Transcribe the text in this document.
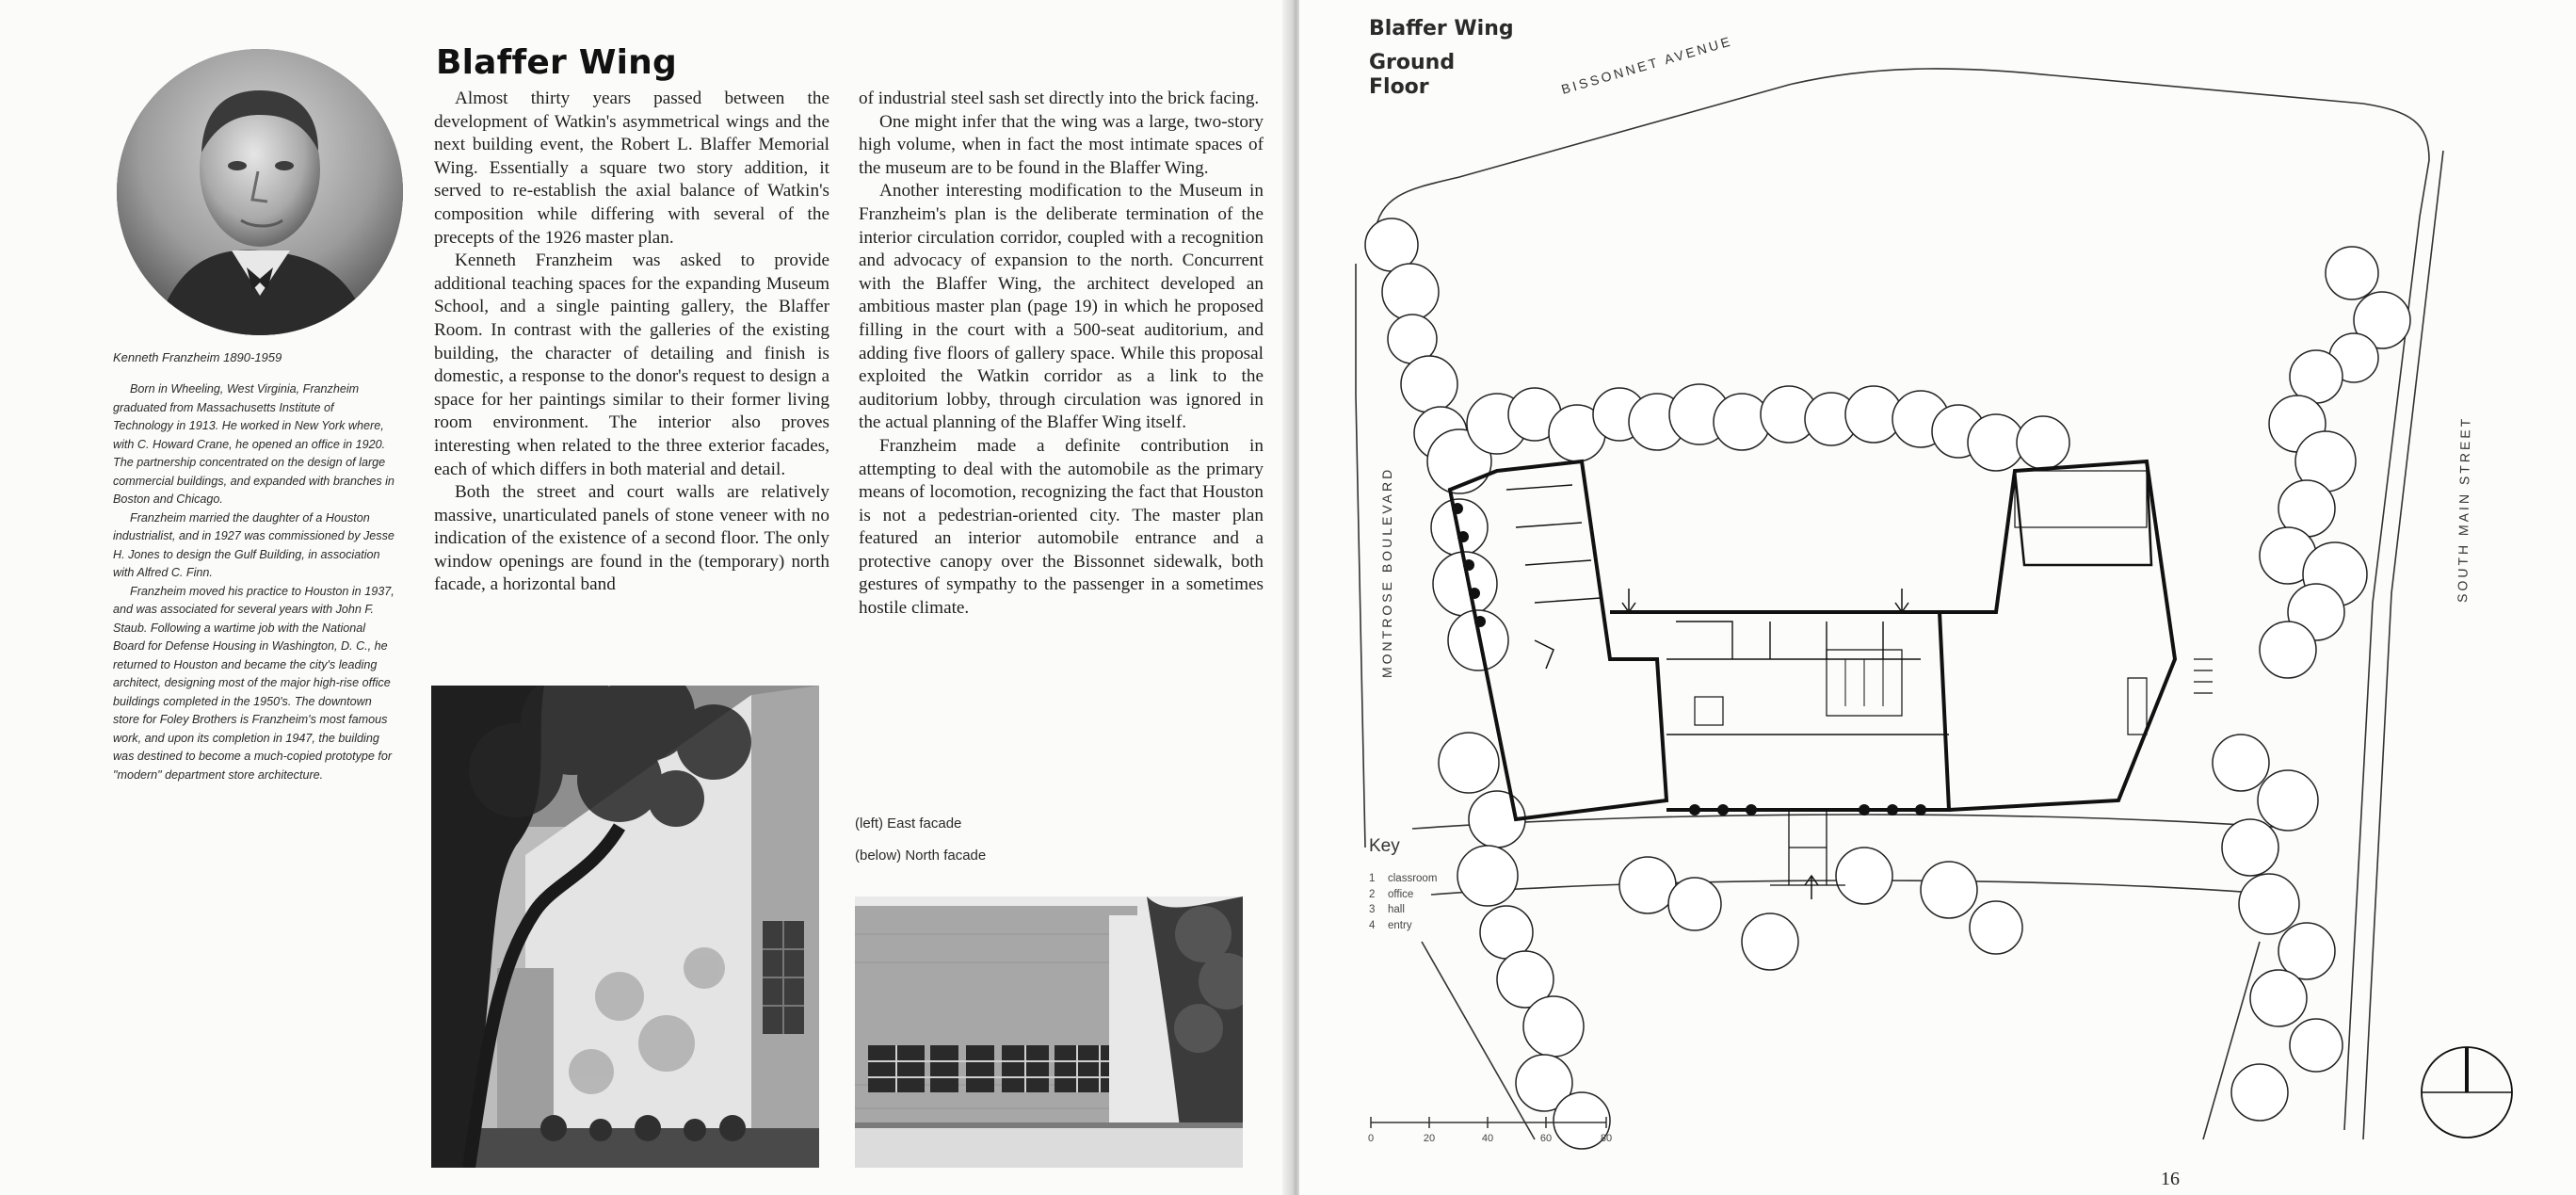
Kenneth Franzheim 1890-1959

Born in Wheeling, West Virginia, Franzheim graduated from Massachusetts Institute of Technology in 1913. He worked in New York where, with C. Howard Crane, he opened an office in 1920. The partnership concentrated on the design of large commercial buildings, and expanded with branches in Boston and Chicago.

Franzheim married the daughter of a Houston industrialist, and in 1927 was commissioned by Jesse H. Jones to design the Gulf Building, in association with Alfred C. Finn.

Franzheim moved his practice to Houston in 1937, and was associated for several years with John F. Staub. Following a wartime job with the National Board for Defense Housing in Washington, D. C., he returned to Houston and became the city's leading architect, designing most of the major high-rise office buildings completed in the 1950's. The downtown store for Foley Brothers is Franzheim's most famous work, and upon its completion in 1947, the building was destined to become a much-copied prototype for "modern" department store architecture.

Blaffer Wing

Almost thirty years passed between the development of Watkin's asymmetrical wings and the next building event, the Robert L. Blaffer Memorial Wing. Essentially a square two story addition, it served to re-establish the axial balance of Watkin's composition while differing with several of the precepts of the 1926 master plan.

Kenneth Franzheim was asked to provide additional teaching spaces for the expanding Museum School, and a single painting gallery, the Blaffer Room. In contrast with the galleries of the existing building, the character of detailing and finish is domestic, a response to the donor's request to design a space for her paintings similar to their former living room environment. The interior also proves interesting when related to the three exterior facades, each of which differs in both material and detail.

Both the street and court walls are relatively massive, unarticulated panels of stone veneer with no indication of the existence of a second floor. The only window openings are found in the (temporary) north facade, a horizontal band

of industrial steel sash set directly into the brick facing.

One might infer that the wing was a large, two-story high volume, when in fact the most intimate spaces of the museum are to be found in the Blaffer Wing.

Another interesting modification to the Museum in Franzheim's plan is the deliberate termination of the interior circulation corridor, coupled with a recognition and advocacy of expansion to the north. Concurrent with the Blaffer Wing, the architect developed an ambitious master plan (page 19) in which he proposed filling in the court with a 500-seat auditorium, and adding five floors of gallery space. While this proposal exploited the Watkin corridor as a link to the auditorium lobby, through circulation was ignored in the actual planning of the Blaffer Wing itself.

Franzheim made a definite contribution in attempting to deal with the automobile as the primary means of locomotion, recognizing the fact that Houston is not a pedestrian-oriented city. The master plan featured an interior automobile entrance and a protective canopy over the Bissonnet sidewalk, both gestures of sympathy to the passenger in a sometimes hostile climate.

(left) East facade
(below) North facade
Blaffer Wing
Ground
Floor	BISSONNET AVENUE
MONTROSE BOULEVARD
SOUTH MAIN STREET
0	20	40	60	80
Key
1 classroom
2 office
3 hall
4 entry
16
